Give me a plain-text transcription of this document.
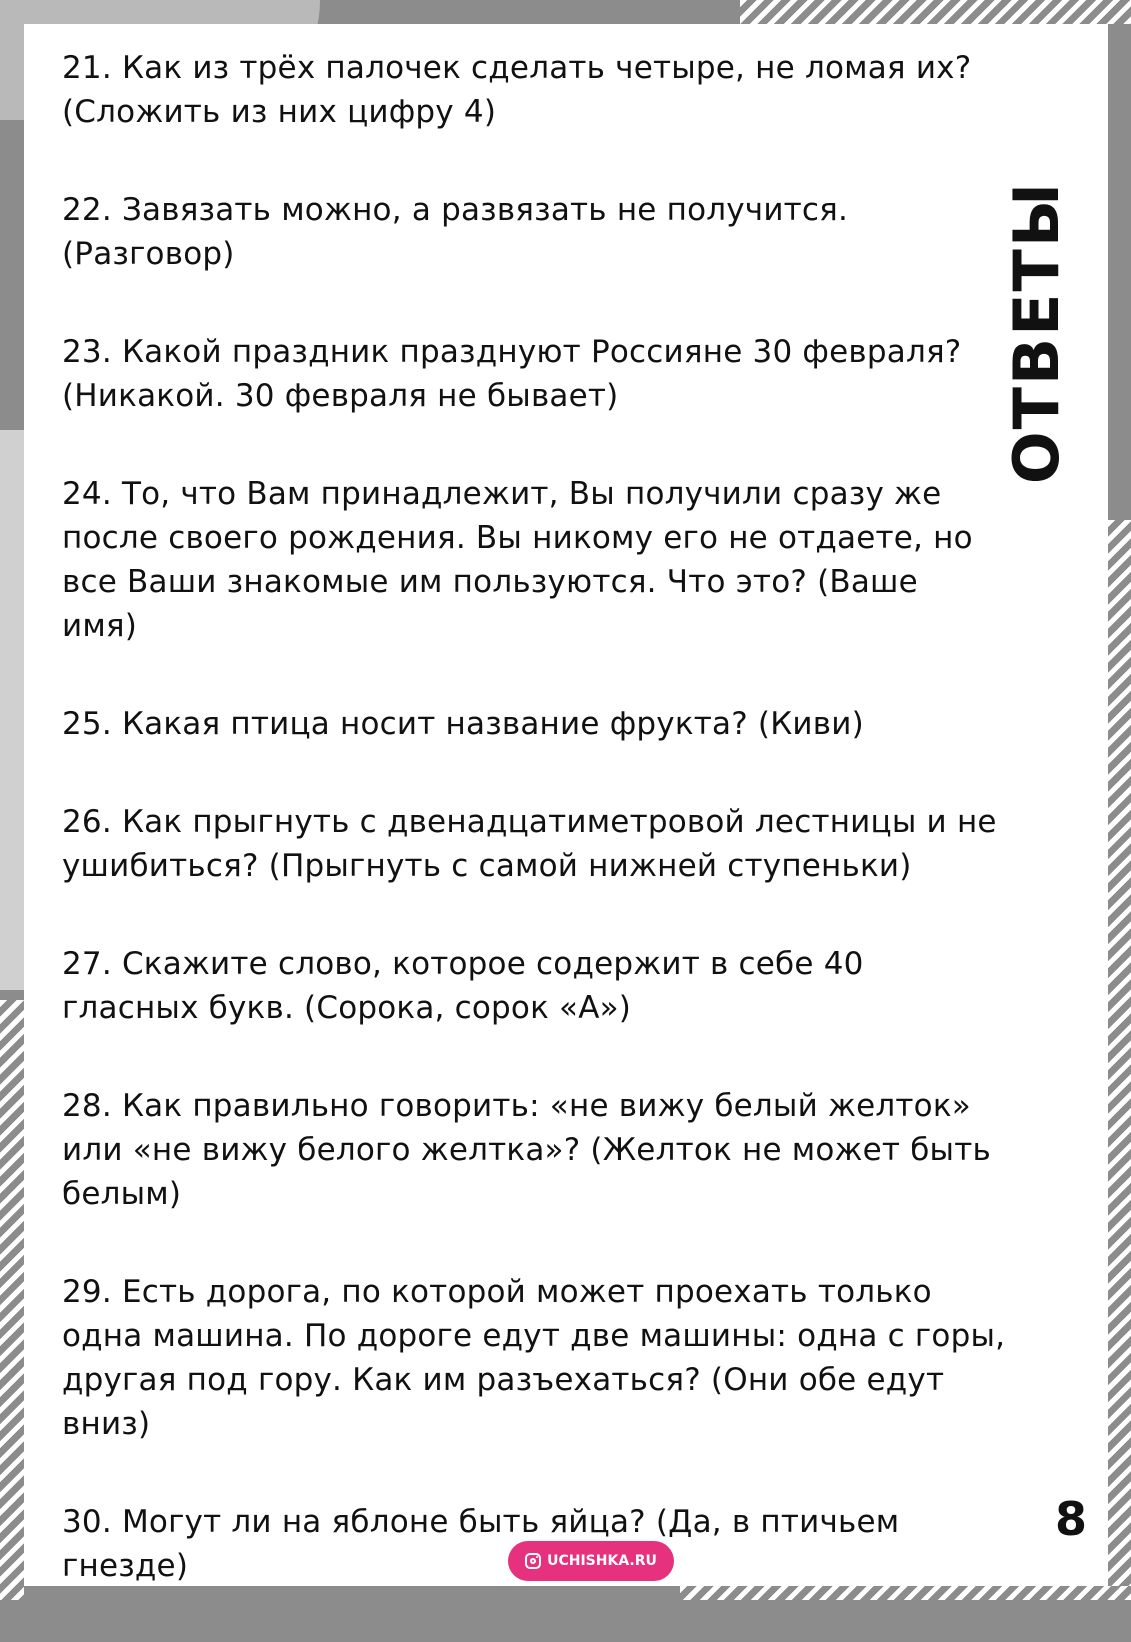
21. Как из трёх палочек сделать четыре, не ломая их?
(Сложить из них цифру 4)
22. Завязать можно, а развязать не получится.
(Разговор)
23. Какой праздник празднуют Россияне 30 февраля?
(Никакой. 30 февраля не бывает)
24. То, что Вам принадлежит, Вы получили сразу же
после своего рождения. Вы никому его не отдаете, но
все Ваши знакомые им пользуются. Что это? (Ваше
имя)
25. Какая птица носит название фрукта? (Киви)
26. Как прыгнуть с двенадцатиметровой лестницы и не
ушибиться? (Прыгнуть с самой нижней ступеньки)
27. Скажите слово, которое содержит в себе 40
гласных букв. (Сорока, сорок «А»)
28. Как правильно говорить: «не вижу белый желток»
или «не вижу белого желтка»? (Желток не может быть
белым)
29. Есть дорога, по которой может проехать только
одна машина. По дороге едут две машины: одна с горы,
другая под гору. Как им разъехаться? (Они обе едут
вниз)
30. Могут ли на яблоне быть яйца? (Да, в птичьем
гнезде)
ОТВЕТЫ
8
UCHISHKA.RU
